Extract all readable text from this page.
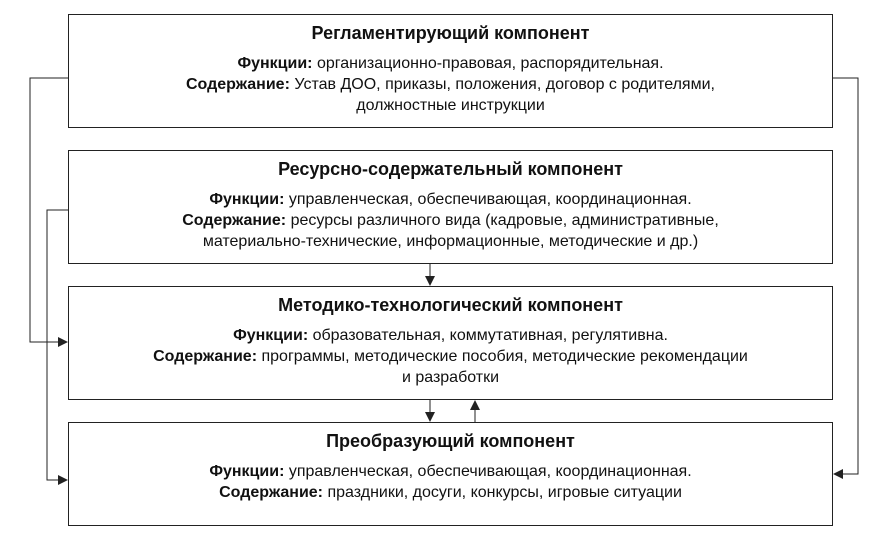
Регламентирующий компонент
Функции: организационно-правовая, распорядительная.
Содержание: Устав ДОО, приказы, положения, договор с родителями,
должностные инструкции
Ресурсно-содержательный компонент
Функции: управленческая, обеспечивающая, координационная.
Содержание: ресурсы различного вида (кадровые, административные,
материально-технические, информационные, методические и др.)
Методико-технологический компонент
Функции: образовательная, коммутативная, регулятивна.
Содержание: программы, методические пособия, методические рекомендации
и разработки
Преобразующий компонент
Функции: управленческая, обеспечивающая, координационная.
Содержание: праздники, досуги, конкурсы, игровые ситуации
